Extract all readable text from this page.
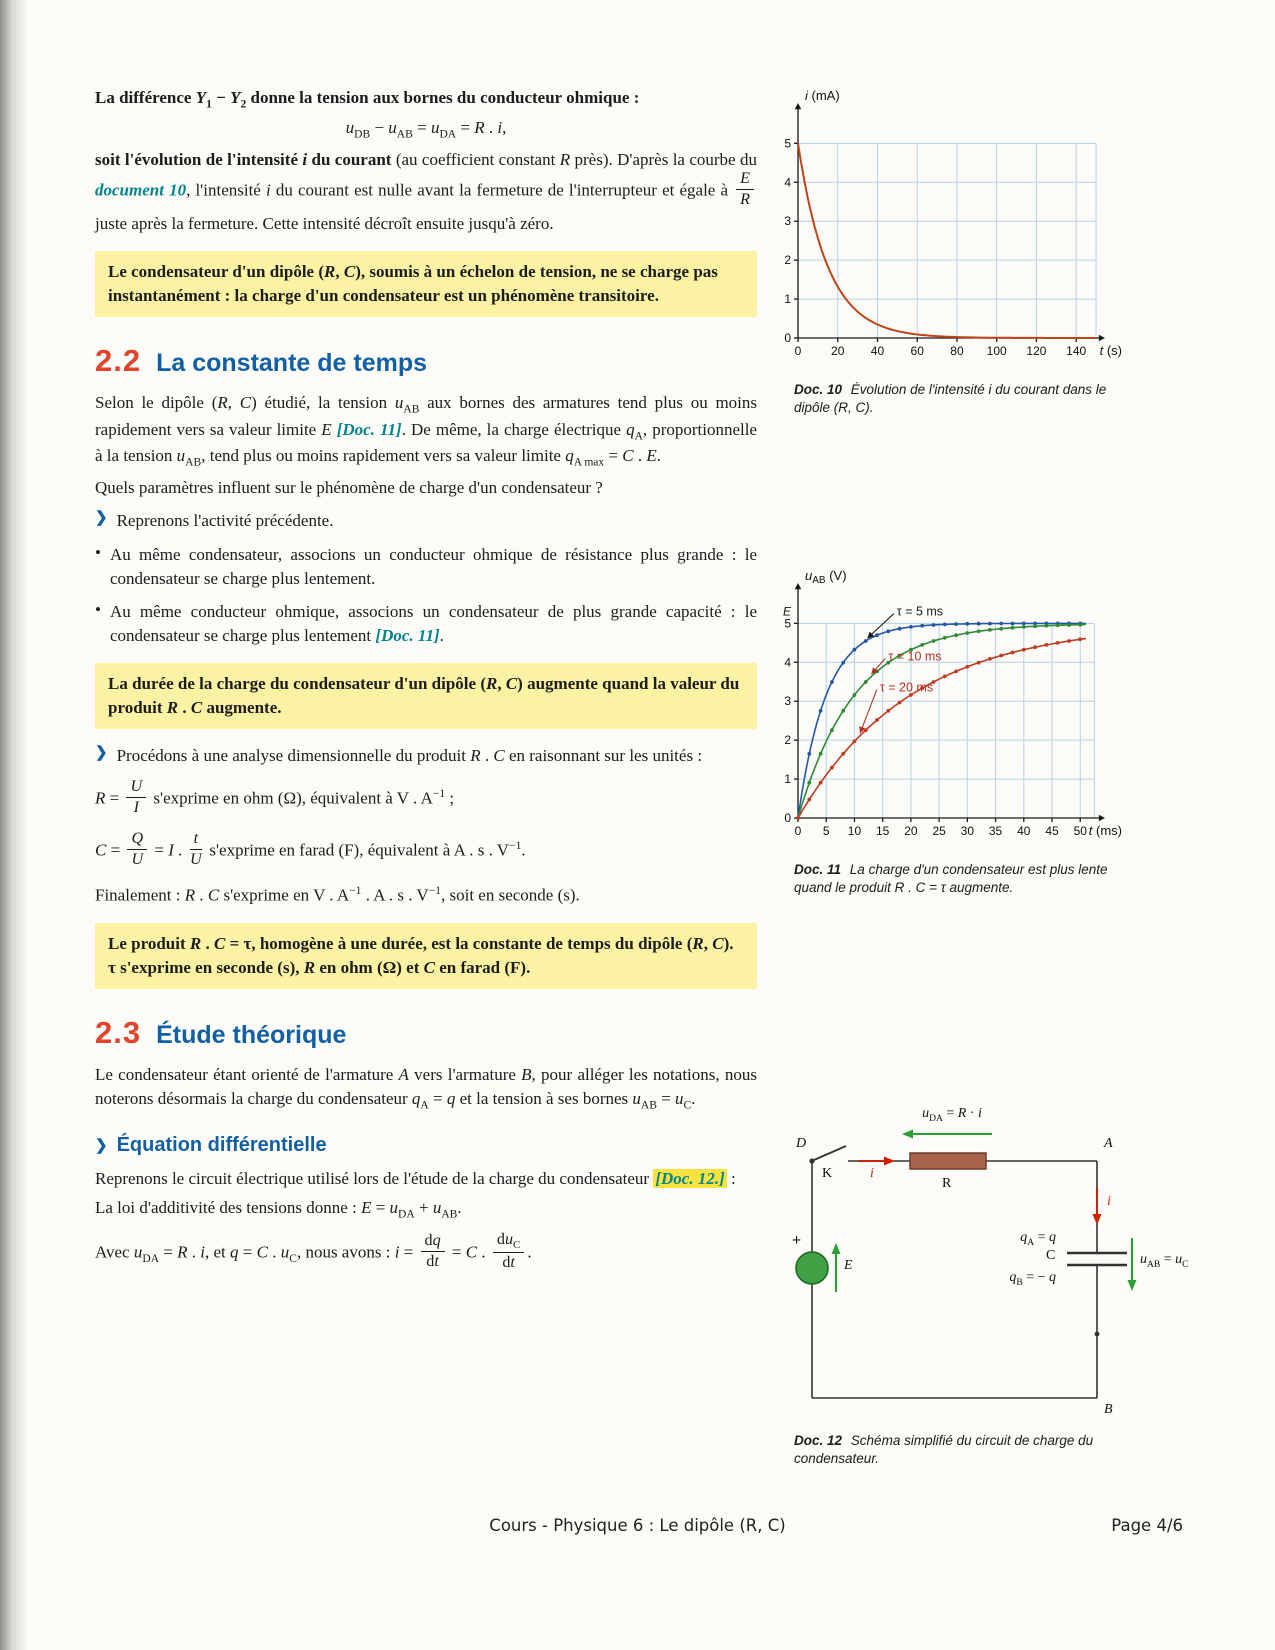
La différence $Y_1 - Y_2$ donne la tension aux bornes du conducteur ohmique :

$u_{DB} - u_{AB} = u_{DA} = R$ . i,

soit l'évolution de l'intensité i du courant (au coefficient constant R près). D'après la courbe du document 10, l'intensité i du courant est nulle avant la fermeture de l'interrupteur et égale à $\frac{E}{R}$
juste après la fermeture. Cette intensité décroît ensuite jusqu'à zéro.

Le condensateur d'un dipôle (R, C), soumis à un échelon de tension, ne se charge pas instantanément : la charge d'un condensateur est un phénomène transitoire.
2.2 La constante de temps

Selon le dipôle (R, C) étudié, la tension $u_{AB}$ aux bornes des armatures tend plus ou moins rapidement vers sa valeur limite E [Doc. 11]. De même, la charge électrique $q_A$, proportionnelle à la tension $u_{AB}$, tend plus ou moins rapidement vers sa valeur limite $q_{A max} = C$ . E.

Quels paramètres influent sur le phénomène de charge d'un condensateur ?

❯ Reprenons l'activité précédente.
• Au même condensateur, associons un conducteur ohmique de résistance plus grande : le condensateur se charge plus lentement.
• Au même conducteur ohmique, associons un condensateur de plus grande capacité : le condensateur se charge plus lentement [Doc. 11].
La durée de la charge du condensateur d'un dipôle (R, C) augmente quand la valeur du produit R . C augmente.
❯ Procédons à une analyse dimensionnelle du produit R . C en raisonnant sur les unités :

$R = \frac{U}{I}$ s'exprime en ohm (Ω), équivalent à V . $A^{-1}$ ;

$C = \frac{Q}{U} = I$ . $\frac{t}{U}$ s'exprime en farad (F), équivalent à A . s . $V^{-1}$.

Finalement : R . C s'exprime en V . $A^{-1}$ . A . s . $V^{-1}$, soit en seconde (s).

Le produit R . C = τ, homogène à une durée, est la constante de temps du dipôle (R, C).
τ s'exprime en seconde (s), R en ohm (Ω) et C en farad (F).
2.3 Étude théorique

Le condensateur étant orienté de l'armature A vers l'armature B, pour alléger les notations, nous noterons désormais la charge du condensateur $q_A = q$ et la tension à ses bornes $u_{AB} = u_C$.

❯ Équation différentielle

Reprenons le circuit électrique utilisé lors de l'étude de la charge du condensateur [Doc. 12.] :

La loi d'additivité des tensions donne : $E = u_{DA} + u_{AB}$.

Avec $u_{DA} = R$ . i, et q = C . $u_C$, nous avons : $i = \frac{dq}{dt} = C$ . $\frac{du_C}{dt}$ .

0 20 40 60 80 100 120 140
0
1
2
3
4
5
i (mA)
t (s)
Doc. 10 Évolution de l'intensité i du courant dans le dipôle (R, C).
0 5 10 15 20 25 30 35 40 45 50
0
1
2
3
4
5
E
$u_{AB}$ (V)
t (ms)
τ = 5 ms
τ = 10 ms
τ = 20 ms
Doc. 11 La charge d'un condensateur est plus lente quand le produit R . C = τ augmente.
D
K	i
R
$u_{DA} = R \cdot i$
A
i
$q_A = q$
C
$q_B$ = − q
$u_{AB} = u_C$
+
E
B
Doc. 12 Schéma simplifié du circuit de charge du condensateur.
Cours - Physique 6 : Le dipôle (R, C)	Page 4/6
